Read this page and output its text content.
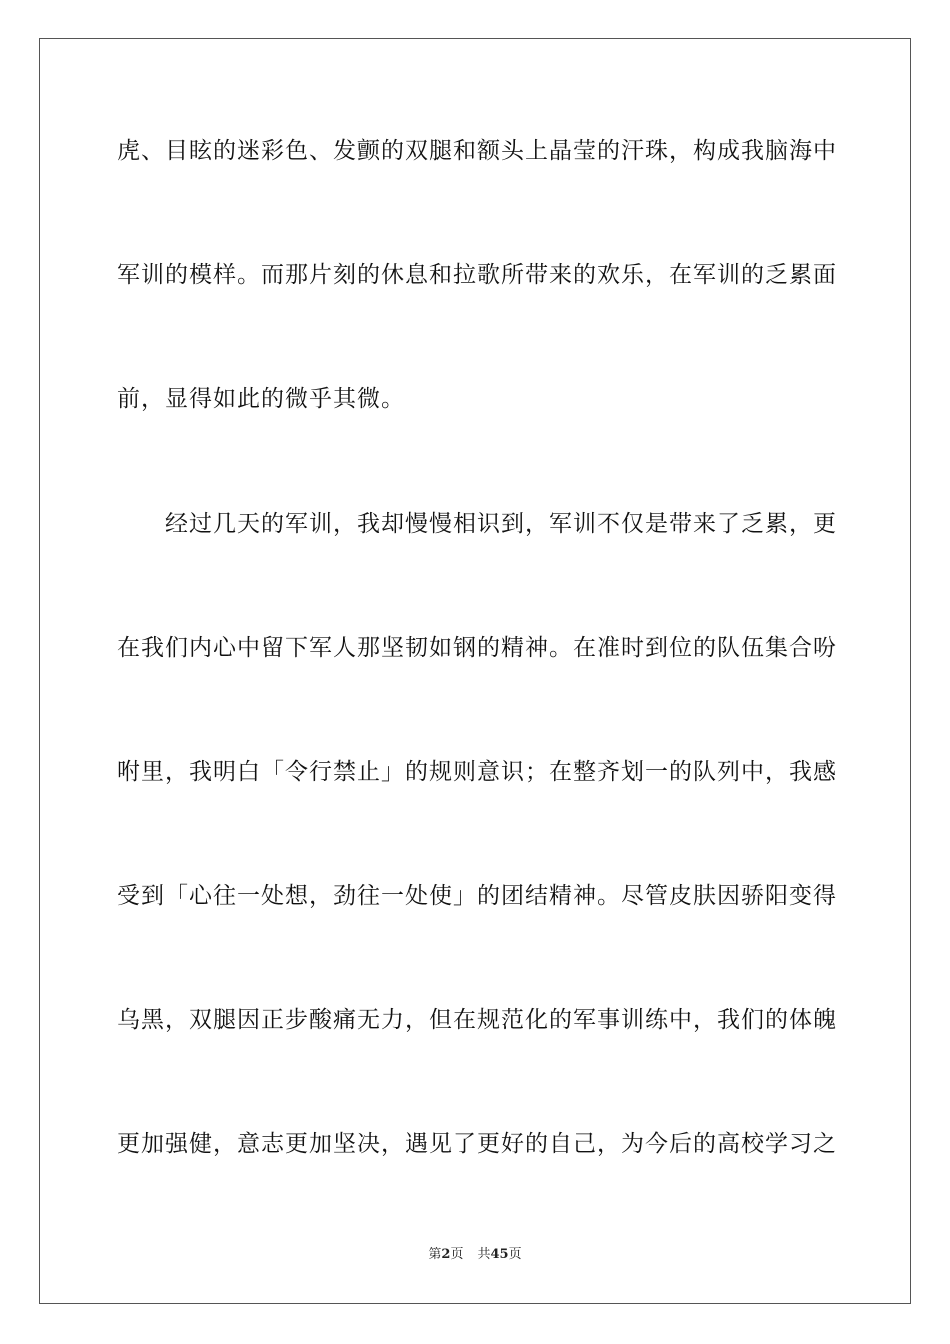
虎、目眩的迷彩色、发颤的双腿和额头上晶莹的汗珠，构成我脑海中
军训的模样。而那片刻的休息和拉歌所带来的欢乐，在军训的乏累面
前，显得如此的微乎其微。
经过几天的军训，我却慢慢相识到，军训不仅是带来了乏累，更
在我们内心中留下军人那坚韧如钢的精神。在准时到位的队伍集合吩
咐里，我明白「令行禁止」的规则意识；在整齐划一的队列中，我感
受到「心往一处想，劲往一处使」的团结精神。尽管皮肤因骄阳变得
乌黑，双腿因正步酸痛无力，但在规范化的军事训练中，我们的体魄
更加强健，意志更加坚决，遇见了更好的自己，为今后的高校学习之
第2页 共45页
